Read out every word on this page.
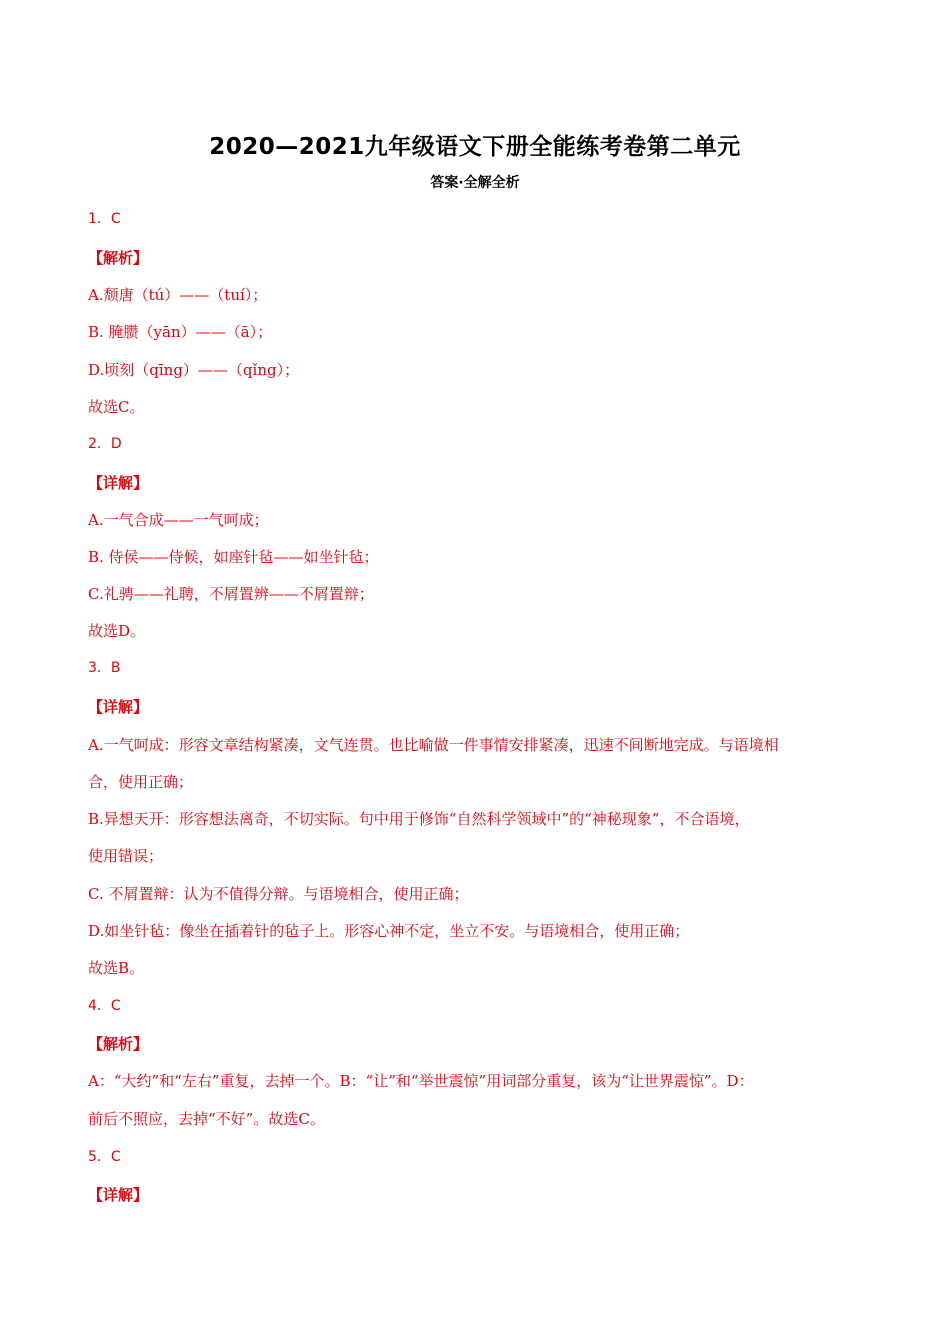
2020—2021九年级语文下册全能练考卷第二单元
答案·全解全析
1．C
【解析】
A.颓唐（tú）——（tuí）；
B. 腌臜（yān）——（ā）；
D.顷刻（qīng）——（qǐng）；
故选C。
2．D
【详解】
A.一气合成——一气呵成；
B. 侍侯——侍候，如座针毡——如坐针毡；
C.礼骋——礼聘，不屑置辨——不屑置辩；
故选D。
3．B
【详解】
A.一气呵成：形容文章结构紧凑，文气连贯。也比喻做一件事情安排紧凑，迅速不间断地完成。与语境相
合，使用正确；
B.异想天开：形容想法离奇，不切实际。句中用于修饰“自然科学领域中”的“神秘现象”，不合语境，
使用错误；
C. 不屑置辩：认为不值得分辩。与语境相合，使用正确；
D.如坐针毡：像坐在插着针的毡子上。形容心神不定，坐立不安。与语境相合，使用正确；
故选B。
4．C
【解析】
A：“大约”和“左右”重复，去掉一个。B：“让”和“举世震惊”用词部分重复，该为“让世界震惊”。D：
前后不照应，去掉“不好”。故选C。
5．C
【详解】
